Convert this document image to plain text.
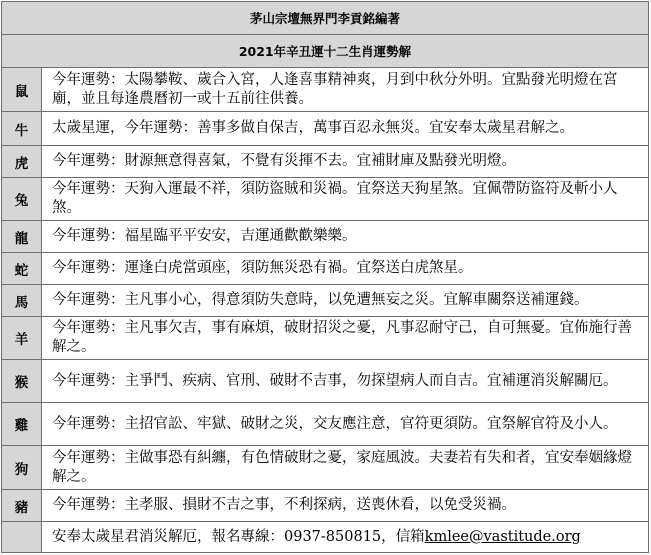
茅山宗壇無界門李貢銘編著	
2021年辛丑運十二生肖運勢解	
鼠	今年運勢：太陽攀鞍、歲合入宮，人逢喜事精神爽，月到中秋分外明。宜點發光明燈在宮廟，並且每逢農曆初一或十五前往供養。
牛	太歲星運，今年運勢：善事多做自保吉，萬事百忍永無災。宜安奉太歲星君解之。
虎	今年運勢：財源無意得喜氣，不覺有災揮不去。宜補財庫及點發光明燈。
兔	今年運勢：天狗入運最不祥，須防盜賊和災禍。宜祭送天狗星煞。宜佩帶防盜符及斬小人煞。
龍	今年運勢：福星臨平平安安，吉運通歡歡樂樂。
蛇	今年運勢：運逢白虎當頭座，須防無災恐有禍。宜祭送白虎煞星。
馬	今年運勢：主凡事小心，得意須防失意時，以免遭無妄之災。宜解車關祭送補運錢。
羊	今年運勢：主凡事欠吉，事有麻煩，破財招災之憂，凡事忍耐守己，自可無憂。宜佈施行善解之。
猴	今年運勢：主爭鬥、疾病、官刑、破財不吉事，勿探望病人而自吉。宜補運消災解關厄。
雞	今年運勢：主招官訟、牢獄、破財之災，交友應注意，官符更須防。宜祭解官符及小人。
狗	今年運勢：主做事恐有糾纏，有色情破財之憂，家庭風波。夫妻若有失和者，宜安奉姻緣燈解之。
豬	今年運勢：主孝服、損財不吉之事，不利探病，送喪休看，以免受災禍。
	安奉太歲星君消災解厄，報名專線：0937-850815，信箱kmlee@vastitude.org
